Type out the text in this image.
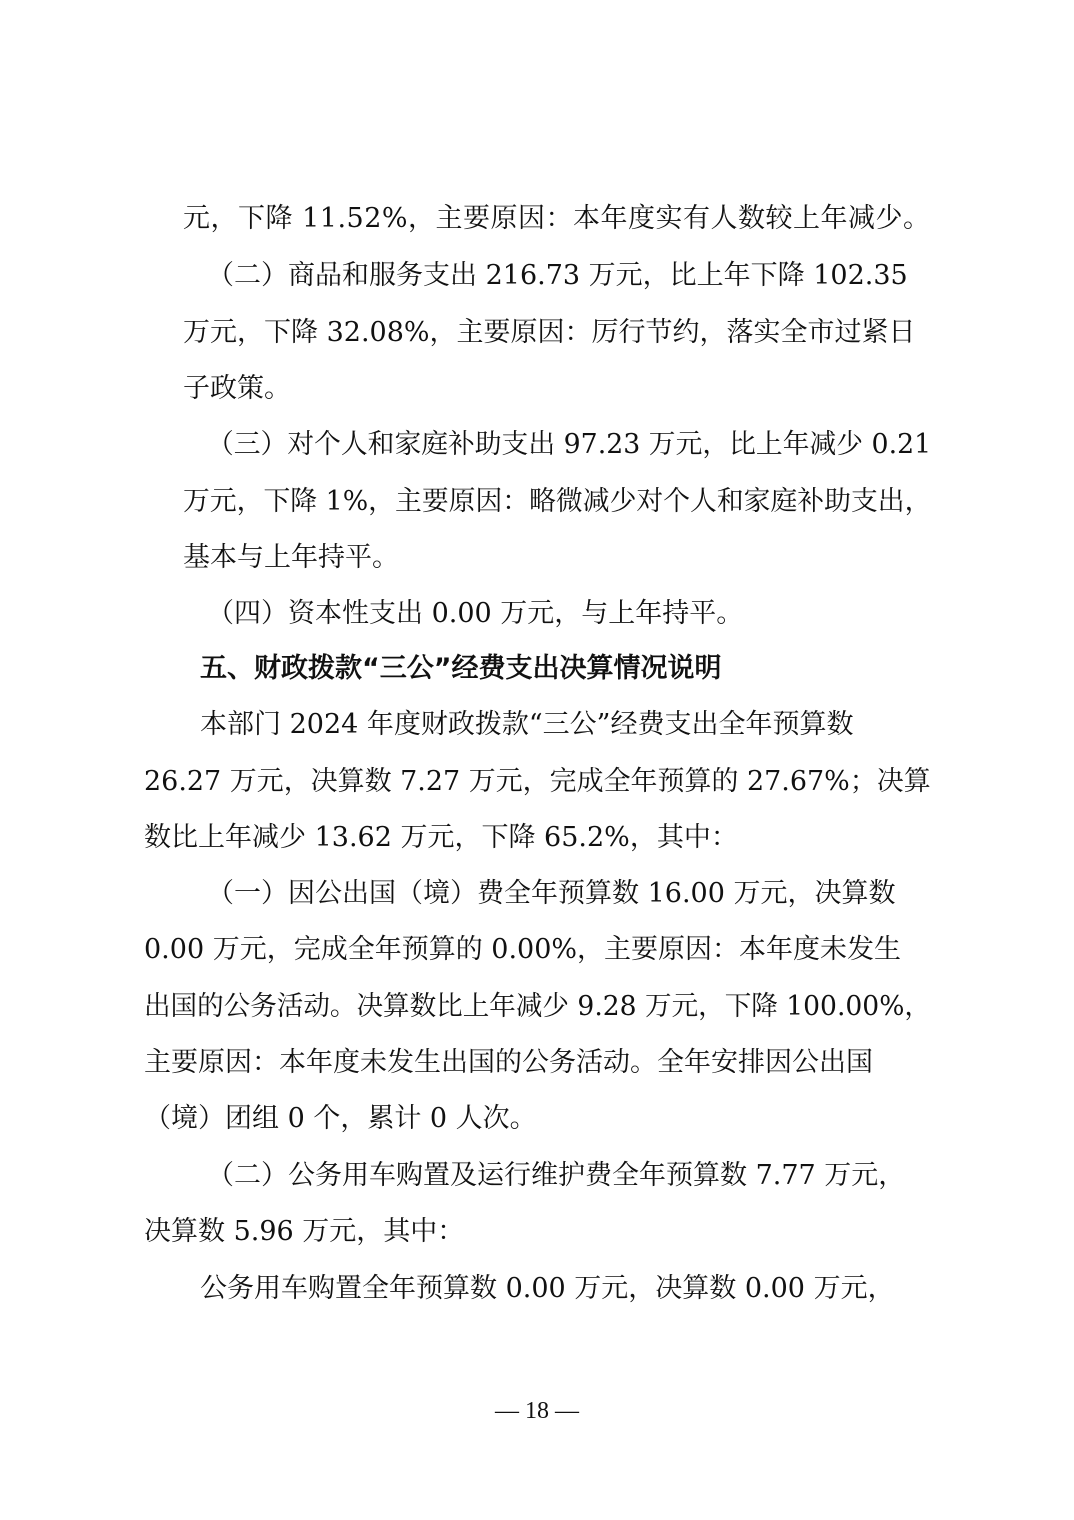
元，下降 11.52%，主要原因：本年度实有人数较上年减少。
（二）商品和服务支出 216.73 万元，比上年下降 102.35
万元，下降 32.08%，主要原因：厉行节约，落实全市过紧日
子政策。
（三）对个人和家庭补助支出 97.23 万元，比上年减少 0.21
万元，下降 1%，主要原因：略微减少对个人和家庭补助支出，
基本与上年持平。
（四）资本性支出 0.00 万元，与上年持平。
五、财政拨款“三公”经费支出决算情况说明
本部门 2024 年度财政拨款“三公”经费支出全年预算数
26.27 万元，决算数 7.27 万元，完成全年预算的 27.67%；决算
数比上年减少 13.62 万元，下降 65.2%，其中：
（一）因公出国（境）费全年预算数 16.00 万元，决算数
0.00 万元，完成全年预算的 0.00%，主要原因：本年度未发生
出国的公务活动。决算数比上年减少 9.28 万元，下降 100.00%，
主要原因：本年度未发生出国的公务活动。全年安排因公出国
（境）团组 0 个，累计 0 人次。
（二）公务用车购置及运行维护费全年预算数 7.77 万元，
决算数 5.96 万元，其中：
公务用车购置全年预算数 0.00 万元，决算数 0.00 万元，
— 18 —
